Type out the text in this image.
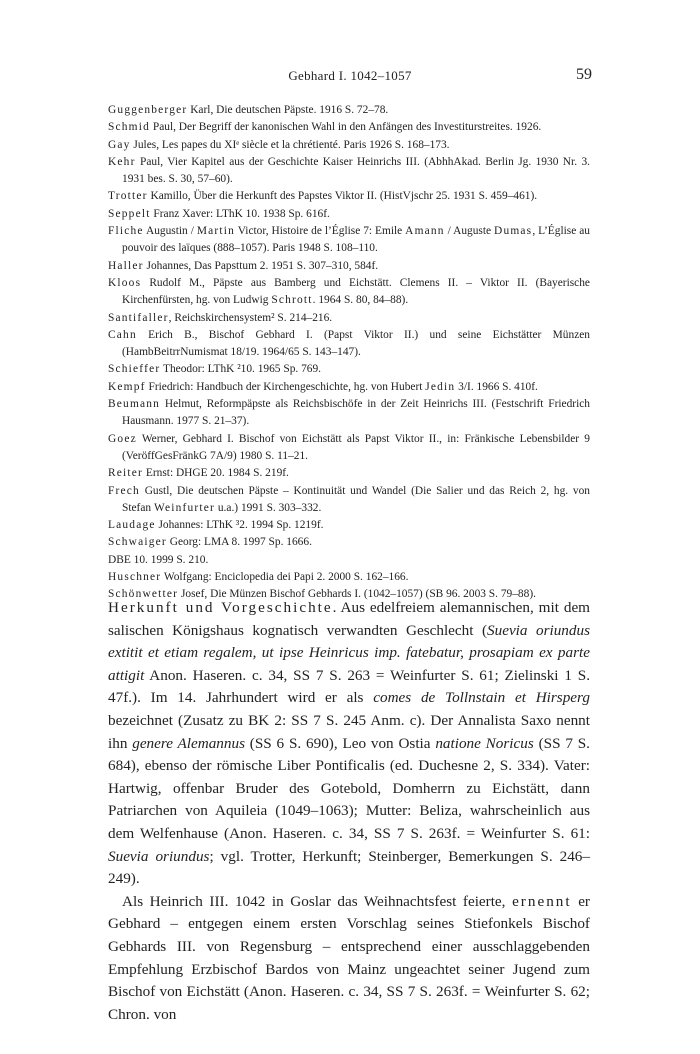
Gebhard I. 1042–1057	59

Guggenberger Karl, Die deutschen Päpste. 1916 S. 72–78.

Schmid Paul, Der Begriff der kanonischen Wahl in den Anfängen des Investiturstreites. 1926.

Gay Jules, Les papes du XIᵉ siècle et la chrétienté. Paris 1926 S. 168–173.

Kehr Paul, Vier Kapitel aus der Geschichte Kaiser Heinrichs III. (AbhhAkad. Berlin Jg. 1930 Nr. 3. 1931 bes. S. 30, 57–60).

Trotter Kamillo, Über die Herkunft des Papstes Viktor II. (HistVjschr 25. 1931 S. 459–461).

Seppelt Franz Xaver: LThK 10. 1938 Sp. 616f.

Fliche Augustin / Martin Victor, Histoire de l’Église 7: Emile Amann / Auguste Dumas, L’Église au pouvoir des laïques (888–1057). Paris 1948 S. 108–110.

Haller Johannes, Das Papsttum 2. 1951 S. 307–310, 584f.

Kloos Rudolf M., Päpste aus Bamberg und Eichstätt. Clemens II. – Viktor II. (Bayerische Kirchenfürsten, hg. von Ludwig Schrott. 1964 S. 80, 84–88).

Santifaller, Reichskirchensystem² S. 214–216.

Cahn Erich B., Bischof Gebhard I. (Papst Viktor II.) und seine Eichstätter Münzen (HambBeitrrNumismat 18/19. 1964/65 S. 143–147).

Schieffer Theodor: LThK ²10. 1965 Sp. 769.

Kempf Friedrich: Handbuch der Kirchengeschichte, hg. von Hubert Jedin 3/I. 1966 S. 410f.

Beumann Helmut, Reformpäpste als Reichsbischöfe in der Zeit Heinrichs III. (Festschrift Friedrich Hausmann. 1977 S. 21–37).

Goez Werner, Gebhard I. Bischof von Eichstätt als Papst Viktor II., in: Fränkische Lebensbilder 9 (VeröffGesFränkG 7A/9) 1980 S. 11–21.

Reiter Ernst: DHGE 20. 1984 S. 219f.

Frech Gustl, Die deutschen Päpste – Kontinuität und Wandel (Die Salier und das Reich 2, hg. von Stefan Weinfurter u.a.) 1991 S. 303–332.

Laudage Johannes: LThK ³2. 1994 Sp. 1219f.

Schwaiger Georg: LMA 8. 1997 Sp. 1666.

DBE 10. 1999 S. 210.

Huschner Wolfgang: Enciclopedia dei Papi 2. 2000 S. 162–166.

Schönwetter Josef, Die Münzen Bischof Gebhards I. (1042–1057) (SB 96. 2003 S. 79–88).

Herkunft und Vorgeschichte. Aus edelfreiem alemannischen, mit dem salischen Königshaus kognatisch verwandten Geschlecht (Suevia oriundus extitit et etiam regalem, ut ipse Heinricus imp. fatebatur, prosapiam ex parte attigit Anon. Haseren. c. 34, SS 7 S. 263 = Weinfurter S. 61; Zielinski 1 S. 47f.). Im 14. Jahrhundert wird er als comes de Tollnstain et Hirsperg bezeichnet (Zusatz zu BK 2: SS 7 S. 245 Anm. c). Der Annalista Saxo nennt ihn genere Alemannus (SS 6 S. 690), Leo von Ostia natione Noricus (SS 7 S. 684), ebenso der römische Liber Pontificalis (ed. Duchesne 2, S. 334). Vater: Hartwig, offenbar Bruder des Gotebold, Domherrn zu Eichstätt, dann Patriarchen von Aquileia (1049–1063); Mutter: Beliza, wahrscheinlich aus dem Welfenhause (Anon. Haseren. c. 34, SS 7 S. 263f. = Weinfurter S. 61: Suevia oriundus; vgl. Trotter, Herkunft; Steinberger, Bemerkungen S. 246–249).

Als Heinrich III. 1042 in Goslar das Weihnachtsfest feierte, ernennt er Gebhard – entgegen einem ersten Vorschlag seines Stiefonkels Bischof Gebhards III. von Regensburg – entsprechend einer ausschlaggebenden Empfehlung Erzbischof Bardos von Mainz ungeachtet seiner Jugend zum Bischof von Eichstätt (Anon. Haseren. c. 34, SS 7 S. 263f. = Weinfurter S. 62; Chron. von
